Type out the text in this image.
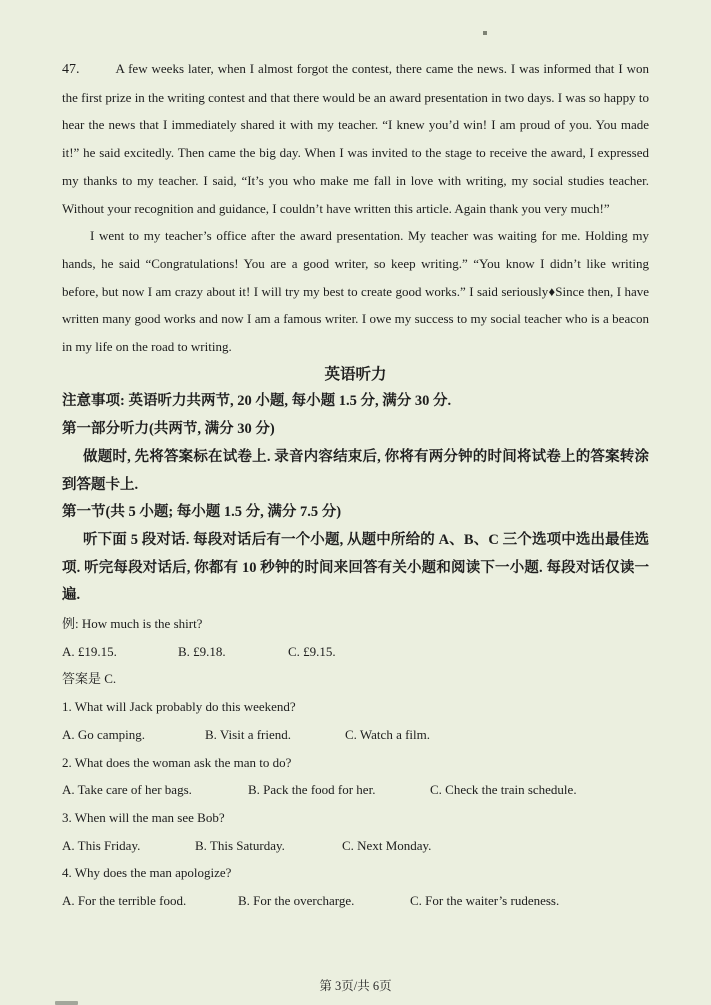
47.	A few weeks later, when I almost forgot the contest, there came the news. I was informed that I won the first prize in the writing contest and that there would be an award presentation in two days. I was so happy to hear the news that I immediately shared it with my teacher. “I knew you’d win! I am proud of you. You made it!” he said excitedly. Then came the big day. When I was invited to the stage to receive the award, I expressed my thanks to my teacher. I said, “It’s you who make me fall in love with writing, my social studies teacher. Without your recognition and guidance, I couldn’t have written this article. Again thank you very much!”

I went to my teacher’s office after the award presentation. My teacher was waiting for me. Holding my hands, he said “Congratulations! You are a good writer, so keep writing.” “You know I didn’t like writing before, but now I am crazy about it! I will try my best to create good works.” I said seriously♦Since then, I have written many good works and now I am a famous writer. I owe my success to my social teacher who is a beacon in my life on the road to writing.

英语听力

注意事项: 英语听力共两节, 20 小题, 每小题 1.5 分, 满分 30 分.

第一部分听力(共两节, 满分 30 分)

做题时, 先将答案标在试卷上. 录音内容结束后, 你将有两分钟的时间将试卷上的答案转涂到答题卡上.

第一节(共 5 小题; 每小题 1.5 分, 满分 7.5 分)

听下面 5 段对话. 每段对话后有一个小题, 从题中所给的 A、B、C 三个选项中选出最佳选项. 听完每段对话后, 你都有 10 秒钟的时间来回答有关小题和阅读下一小题. 每段对话仅读一遍.

例: How much is the shirt?

A. £19.15.	B. £9.18.	C. £9.15.

答案是 C.

1. What will Jack probably do this weekend?

A. Go camping.	B. Visit a friend.	C. Watch a film.

2. What does the woman ask the man to do?

A. Take care of her bags.	B. Pack the food for her.	C. Check the train schedule.

3. When will the man see Bob?

A. This Friday.	B. This Saturday.	C. Next Monday.

4. Why does the man apologize?

A. For the terrible food.	B. For the overcharge.	C. For the waiter’s rudeness.
第 3页/共 6页
